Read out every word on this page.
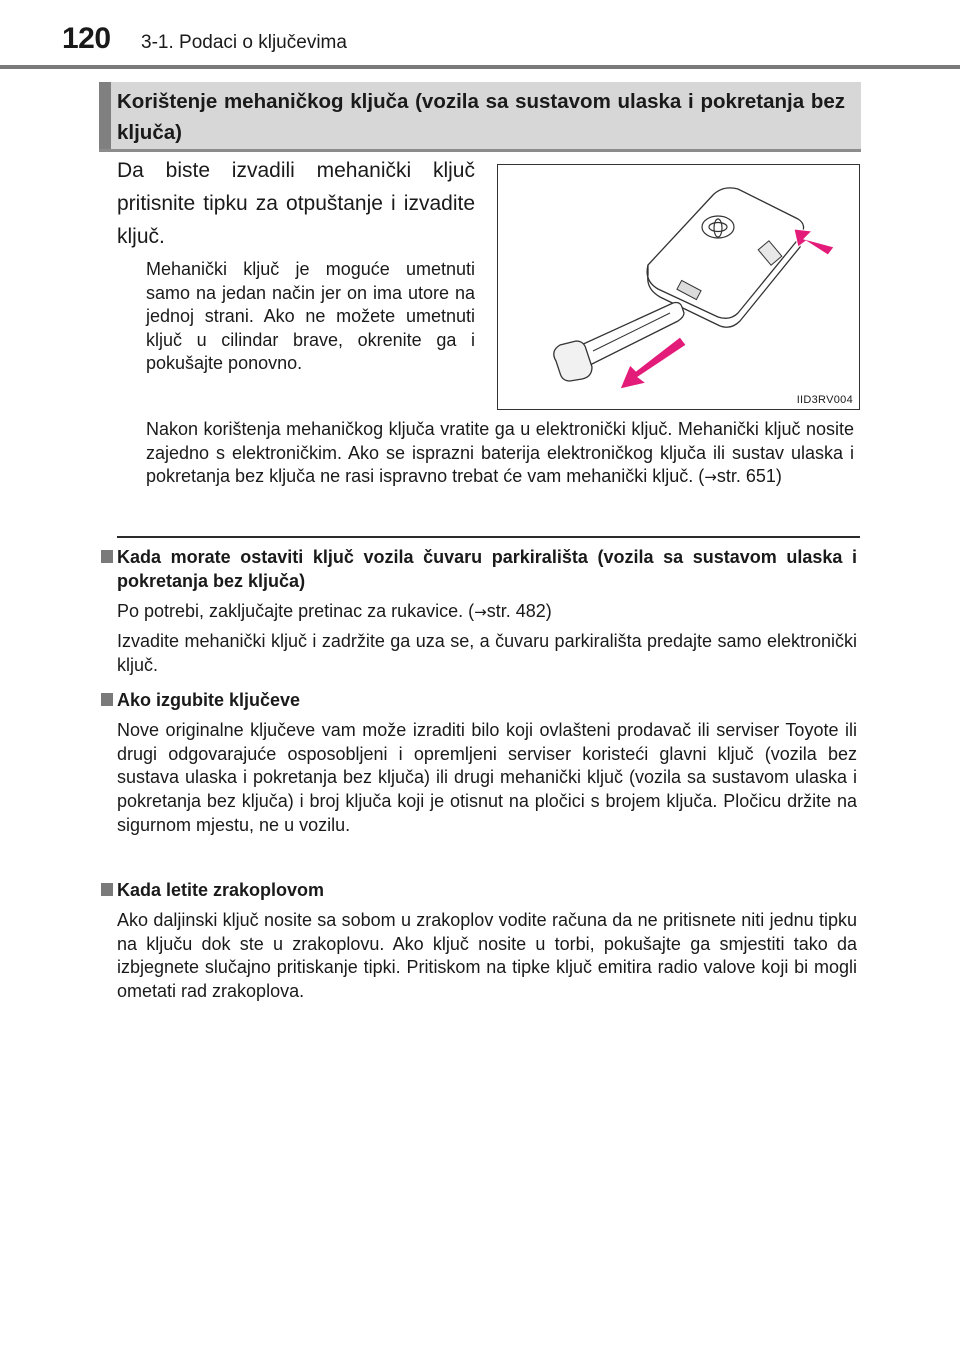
120 3-1. Podaci o ključevima
Korištenje mehaničkog ključa (vozila sa sustavom ulaska i pokretanja bez ključa)
Da biste izvadili mehanički ključ pritisnite tipku za otpuštanje i izvadite ključ.
Mehanički ključ je moguće umetnuti samo na jedan način jer on ima utore na jednoj strani. Ako ne možete umetnuti ključ u cilindar brave, okrenite ga i pokušajte ponovno.
IID3RV004
Nakon korištenja mehaničkog ključa vratite ga u elektronički ključ. Mehanički ključ nosite zajedno s elektroničkim. Ako se isprazni baterija elektroničkog ključa ili sustav ulaska i pokretanja bez ključa ne rasi ispravno trebat će vam mehanički ključ. (→str. 651)
Kada morate ostaviti ključ vozila čuvaru parkirališta (vozila sa sustavom ulaska i pokretanja bez ključa)

Po potrebi, zaključajte pretinac za rukavice. (→str. 482)

Izvadite mehanički ključ i zadržite ga uza se, a čuvaru parkirališta predajte samo elektronički ključ.

Ako izgubite ključeve

Nove originalne ključeve vam može izraditi bilo koji ovlašteni prodavač ili serviser Toyote ili drugi odgovarajuće osposobljeni i opremljeni serviser koristeći glavni ključ (vozila bez sustava ulaska i pokretanja bez ključa) ili drugi mehanički ključ (vozila sa sustavom ulaska i pokretanja bez ključa) i broj ključa koji je otisnut na pločici s brojem ključa. Pločicu držite na sigurnom mjestu, ne u vozilu.

Kada letite zrakoplovom

Ako daljinski ključ nosite sa sobom u zrakoplov vodite računa da ne pritisnete niti jednu tipku na ključu dok ste u zrakoplovu. Ako ključ nosite u torbi, pokušajte ga smjestiti tako da izbjegnete slučajno pritiskanje tipki. Pritiskom na tipke ključ emitira radio valove koji bi mogli ometati rad zrakoplova.
